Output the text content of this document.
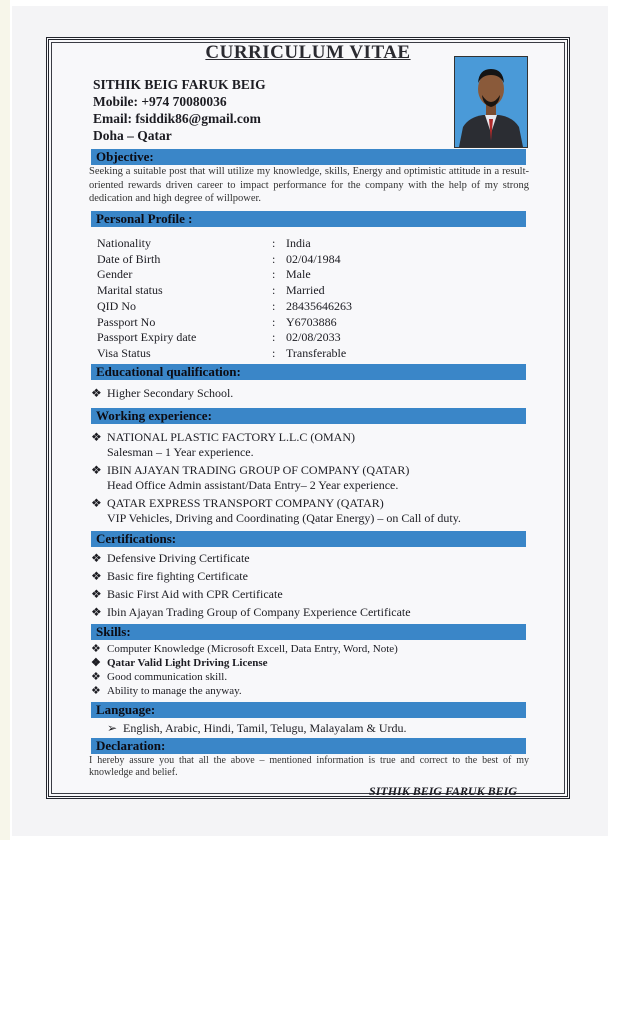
CURRICULUM VITAE
SITHIK BEIG FARUK BEIG
Mobile: +974 70080036
Email: fsiddik86@gmail.com
Doha – Qatar
Objective:
Seeking a suitable post that will utilize my knowledge, skills, Energy and optimistic attitude in a result-oriented rewards driven career to impact performance for the company with the help of my strong dedication and high degree of willpower.
Personal Profile :
Nationality	: India
Date of Birth	: 02/04/1984
Gender	: Male
Marital status	: Married
QID No	: 28435646263
Passport No	: Y6703886
Passport Expiry date	: 02/08/2033
Visa Status	: Transferable
Educational qualification:
❖ Higher Secondary School.
Working experience:
❖ NATIONAL PLASTIC FACTORY L.L.C (OMAN)
Salesman – 1 Year experience.
❖ IBIN AJAYAN TRADING GROUP OF COMPANY (QATAR)
Head Office Admin assistant/Data Entry– 2 Year experience.
❖ QATAR EXPRESS TRANSPORT COMPANY (QATAR)
VIP Vehicles, Driving and Coordinating (Qatar Energy) – on Call of duty.
Certifications:
❖ Defensive Driving Certificate
❖ Basic fire fighting Certificate
❖ Basic First Aid with CPR Certificate
❖ Ibin Ajayan Trading Group of Company Experience Certificate
Skills:
❖ Computer Knowledge (Microsoft Excell, Data Entry, Word, Note)
❖ Qatar Valid Light Driving License
❖ Good communication skill.
❖ Ability to manage the anyway.
Language:
➢ English, Arabic, Hindi, Tamil, Telugu, Malayalam & Urdu.
Declaration:
I hereby assure you that all the above – mentioned information is true and correct to the best of my knowledge and belief.
SITHIK BEIG FARUK BEIG
